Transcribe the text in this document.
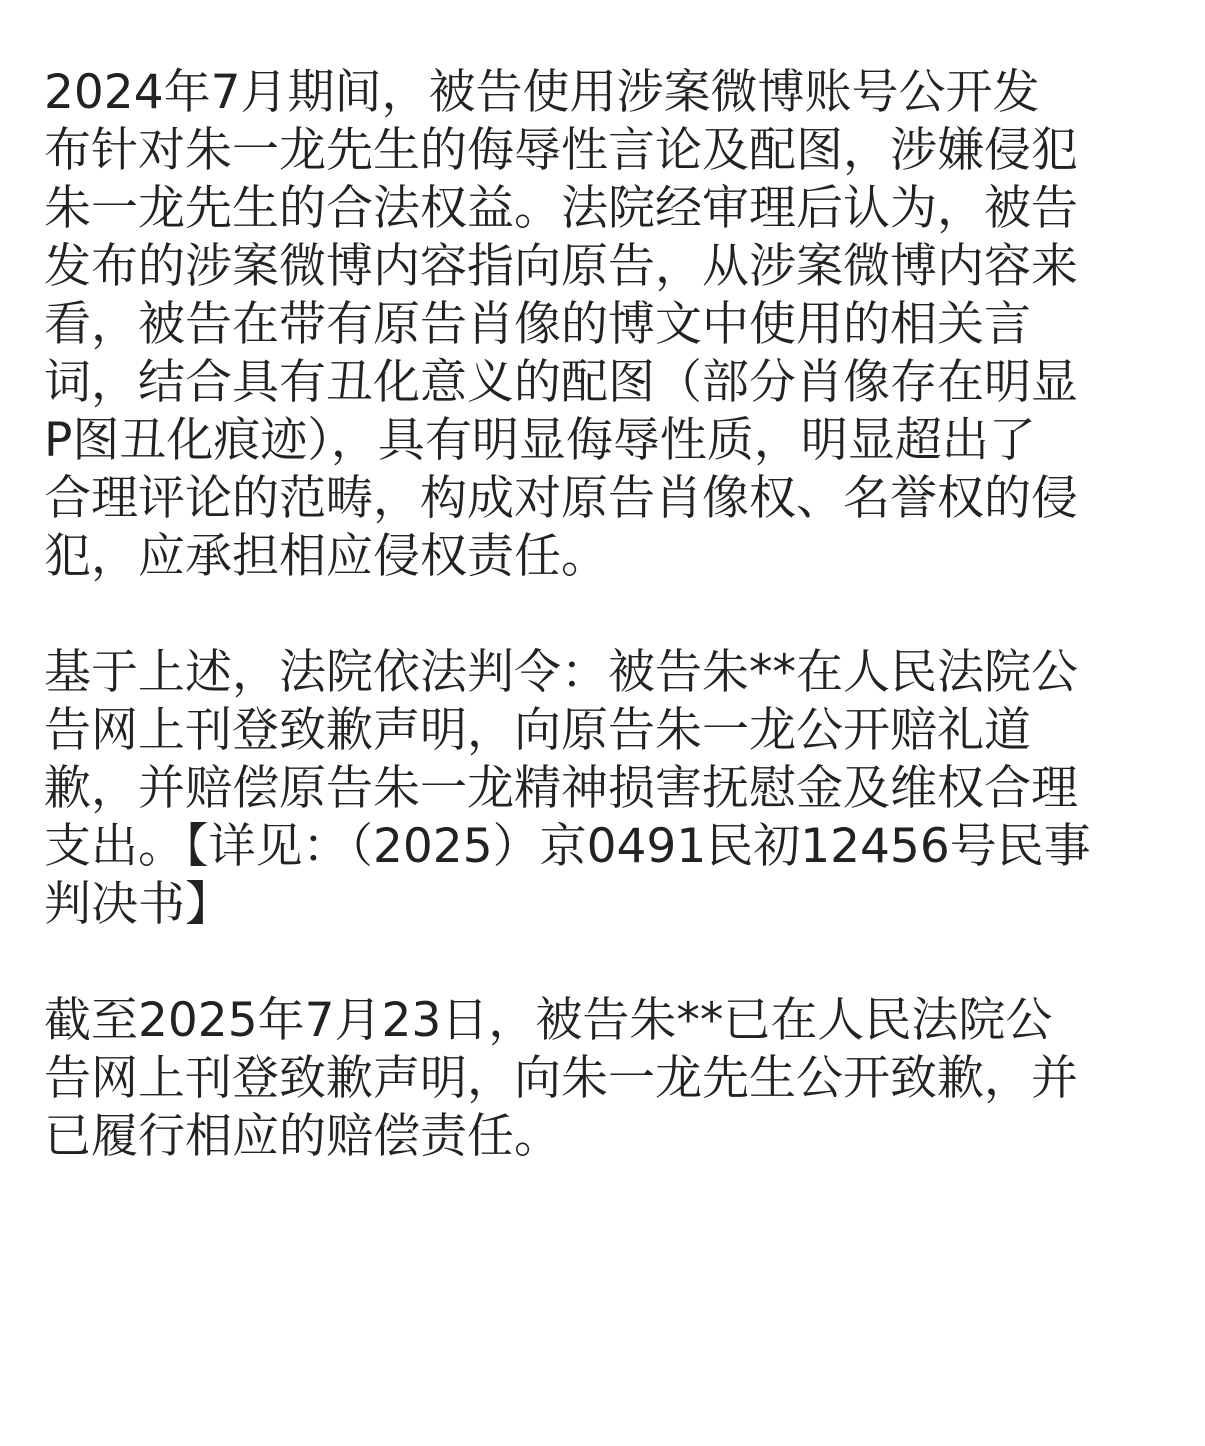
2024年7月期间，被告使用涉案微博账号公开发
布针对朱一龙先生的侮辱性言论及配图，涉嫌侵犯
朱一龙先生的合法权益。法院经审理后认为，被告
发布的涉案微博内容指向原告，从涉案微博内容来
看，被告在带有原告肖像的博文中使用的相关言
词，结合具有丑化意义的配图（部分肖像存在明显
P图丑化痕迹），具有明显侮辱性质，明显超出了
合理评论的范畴，构成对原告肖像权、名誉权的侵
犯，应承担相应侵权责任。

基于上述，法院依法判令：被告朱**在人民法院公
告网上刊登致歉声明，向原告朱一龙公开赔礼道
歉，并赔偿原告朱一龙精神损害抚慰金及维权合理
支出。【详见：（2025）京0491民初12456号民事
判决书】

截至2025年7月23日，被告朱**已在人民法院公
告网上刊登致歉声明，向朱一龙先生公开致歉，并
已履行相应的赔偿责任。
